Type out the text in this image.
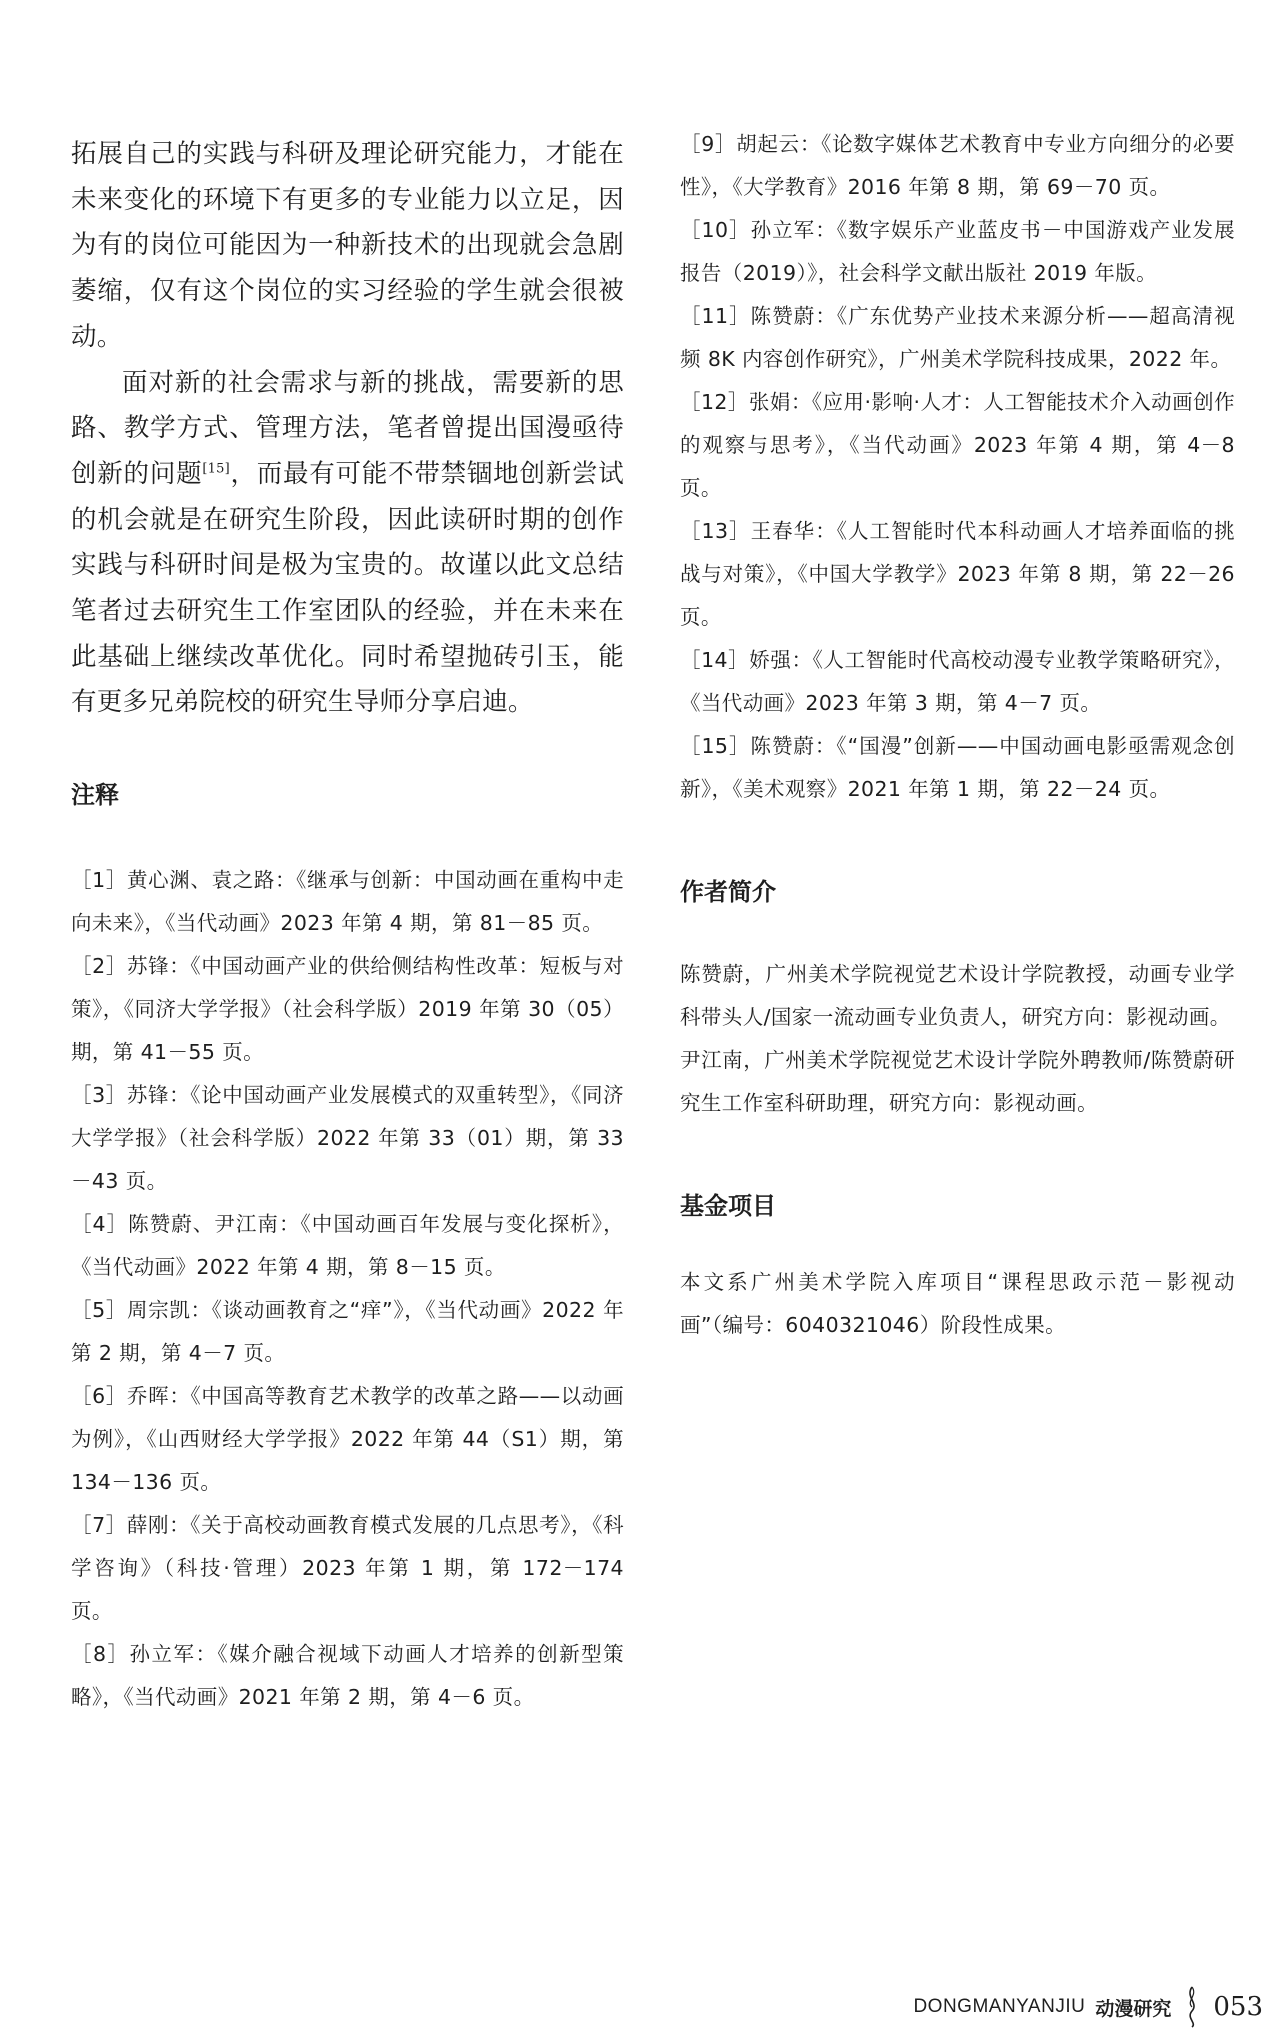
拓展自己的实践与科研及理论研究能力，才能在未来变化的环境下有更多的专业能力以立足，因为有的岗位可能因为一种新技术的出现就会急剧萎缩，仅有这个岗位的实习经验的学生就会很被动。

面对新的社会需求与新的挑战，需要新的思路、教学方式、管理方法，笔者曾提出国漫亟待创新的问题[15]，而最有可能不带禁锢地创新尝试的机会就是在研究生阶段，因此读研时期的创作实践与科研时间是极为宝贵的。故谨以此文总结笔者过去研究生工作室团队的经验，并在未来在此基础上继续改革优化。同时希望抛砖引玉，能有更多兄弟院校的研究生导师分享启迪。

注释

［1］黄心渊、袁之路：《继承与创新：中国动画在重构中走向未来》，《当代动画》2023 年第 4 期，第 81－85 页。

［2］苏锋：《中国动画产业的供给侧结构性改革：短板与对策》，《同济大学学报》（社会科学版）2019 年第 30（05）期，第 41－55 页。

［3］苏锋：《论中国动画产业发展模式的双重转型》，《同济大学学报》（社会科学版）2022 年第 33（01）期，第 33－43 页。

［4］陈赞蔚、尹江南：《中国动画百年发展与变化探析》，《当代动画》2022 年第 4 期，第 8－15 页。

［5］周宗凯：《谈动画教育之“痒”》，《当代动画》2022 年第 2 期，第 4－7 页。

［6］乔晖：《中国高等教育艺术教学的改革之路——以动画为例》，《山西财经大学学报》2022 年第 44（S1）期，第 134－136 页。

［7］薛刚：《关于高校动画教育模式发展的几点思考》，《科学咨询》（科技·管理）2023 年第 1 期，第 172－174 页。

［8］孙立军：《媒介融合视域下动画人才培养的创新型策略》，《当代动画》2021 年第 2 期，第 4－6 页。

［9］胡起云：《论数字媒体艺术教育中专业方向细分的必要性》，《大学教育》2016 年第 8 期，第 69－70 页。

［10］孙立军：《数字娱乐产业蓝皮书－中国游戏产业发展报告（2019）》，社会科学文献出版社 2019 年版。

［11］陈赞蔚：《广东优势产业技术来源分析——超高清视频 8K 内容创作研究》，广州美术学院科技成果，2022 年。

［12］张娟：《应用·影响·人才：人工智能技术介入动画创作的观察与思考》，《当代动画》2023 年第 4 期，第 4－8 页。

［13］王春华：《人工智能时代本科动画人才培养面临的挑战与对策》，《中国大学教学》2023 年第 8 期，第 22－26 页。

［14］娇强：《人工智能时代高校动漫专业教学策略研究》，《当代动画》2023 年第 3 期，第 4－7 页。

［15］陈赞蔚：《“国漫”创新——中国动画电影亟需观念创新》，《美术观察》2021 年第 1 期，第 22－24 页。

作者简介

陈赞蔚，广州美术学院视觉艺术设计学院教授，动画专业学科带头人/国家一流动画专业负责人，研究方向：影视动画。

尹江南，广州美术学院视觉艺术设计学院外聘教师/陈赞蔚研究生工作室科研助理，研究方向：影视动画。

基金项目

本文系广州美术学院入库项目“课程思政示范－影视动画”（编号：6040321046）阶段性成果。

DONGMANYANJIU 动漫研究 053
